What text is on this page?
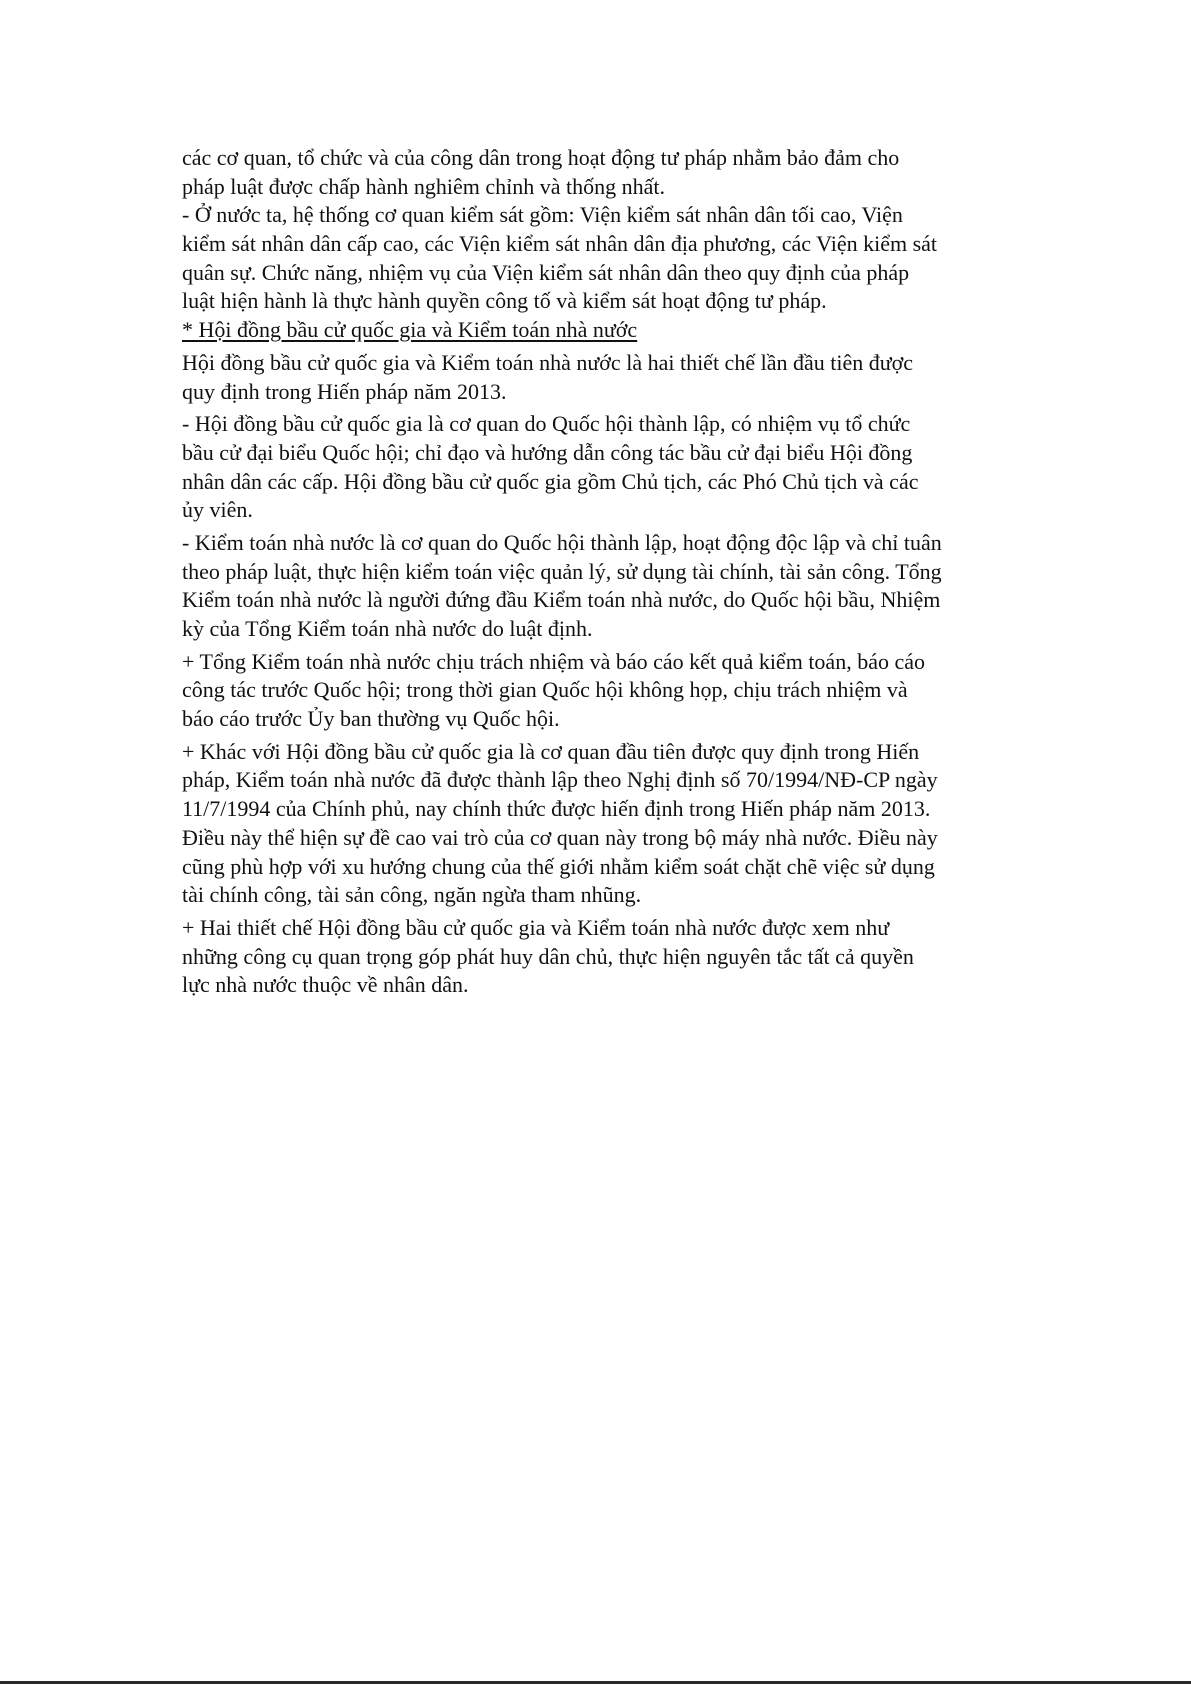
các cơ quan, tổ chức và của công dân trong hoạt động tư pháp nhằm bảo đảm cho
pháp luật được chấp hành nghiêm chỉnh và thống nhất.
- Ở nước ta, hệ thống cơ quan kiểm sát gồm: Viện kiểm sát nhân dân tối cao, Viện
kiểm sát nhân dân cấp cao, các Viện kiểm sát nhân dân địa phương, các Viện kiểm sát
quân sự. Chức năng, nhiệm vụ của Viện kiểm sát nhân dân theo quy định của pháp
luật hiện hành là thực hành quyền công tố và kiểm sát hoạt động tư pháp.
* Hội đồng bầu cử quốc gia và Kiểm toán nhà nước
Hội đồng bầu cử quốc gia và Kiểm toán nhà nước là hai thiết chế lần đầu tiên được
quy định trong Hiến pháp năm 2013.
- Hội đồng bầu cử quốc gia là cơ quan do Quốc hội thành lập, có nhiệm vụ tổ chức
bầu cử đại biểu Quốc hội; chỉ đạo và hướng dẫn công tác bầu cử đại biểu Hội đồng
nhân dân các cấp. Hội đồng bầu cử quốc gia gồm Chủ tịch, các Phó Chủ tịch và các
ủy viên.
- Kiểm toán nhà nước là cơ quan do Quốc hội thành lập, hoạt động độc lập và chỉ tuân
theo pháp luật, thực hiện kiểm toán việc quản lý, sử dụng tài chính, tài sản công. Tổng
Kiểm toán nhà nước là người đứng đầu Kiểm toán nhà nước, do Quốc hội bầu, Nhiệm
kỳ của Tổng Kiểm toán nhà nước do luật định.
+ Tổng Kiểm toán nhà nước chịu trách nhiệm và báo cáo kết quả kiểm toán, báo cáo
công tác trước Quốc hội; trong thời gian Quốc hội không họp, chịu trách nhiệm và
báo cáo trước Ủy ban thường vụ Quốc hội.
+ Khác với Hội đồng bầu cử quốc gia là cơ quan đầu tiên được quy định trong Hiến
pháp, Kiểm toán nhà nước đã được thành lập theo Nghị định số 70/1994/NĐ-CP ngày
11/7/1994 của Chính phủ, nay chính thức được hiến định trong Hiến pháp năm 2013.
Điều này thể hiện sự đề cao vai trò của cơ quan này trong bộ máy nhà nước. Điều này
cũng phù hợp với xu hướng chung của thế giới nhằm kiểm soát chặt chẽ việc sử dụng
tài chính công, tài sản công, ngăn ngừa tham nhũng.
+ Hai thiết chế Hội đồng bầu cử quốc gia và Kiểm toán nhà nước được xem như
những công cụ quan trọng góp phát huy dân chủ, thực hiện nguyên tắc tất cả quyền
lực nhà nước thuộc về nhân dân.
